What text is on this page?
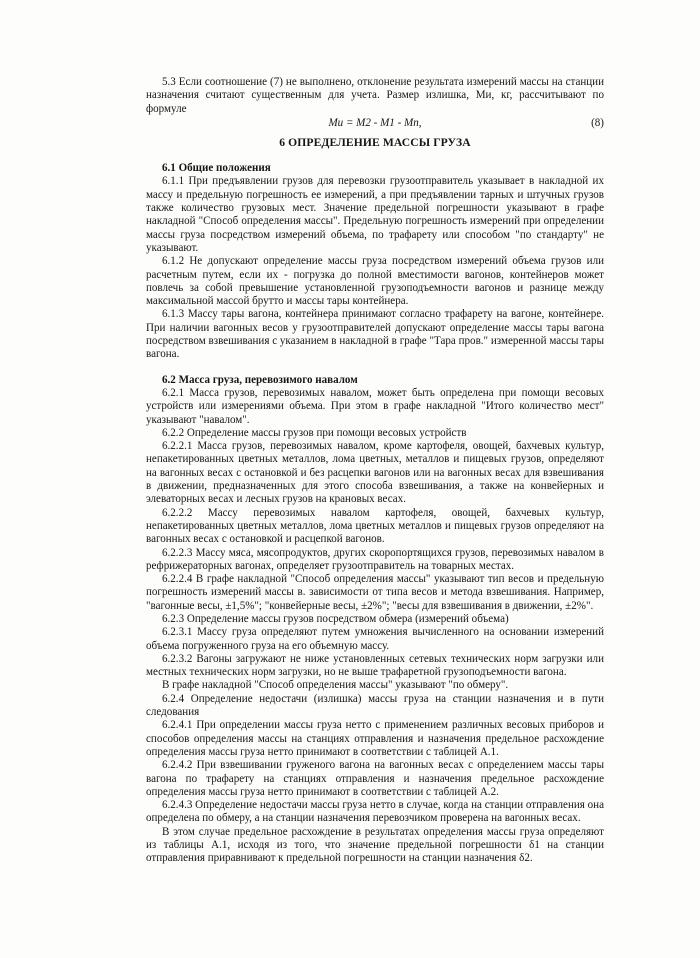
5.3 Если соотношение (7) не выполнено, отклонение результата измерений массы на станции назначения считают существенным для учета. Размер излишка, Mи, кг, рассчитывают по формуле

Mи = M2 - M1 - Mп,	(8)
6 ОПРЕДЕЛЕНИЕ МАССЫ ГРУЗА

6.1 Общие положения

6.1.1 При предъявлении грузов для перевозки грузоотправитель указывает в накладной их массу и предельную погрешность ее измерений, а при предъявлении тарных и штучных грузов также количество грузовых мест. Значение предельной погрешности указывают в графе накладной "Способ определения массы". Предельную погрешность измерений при определении массы груза посредством измерений объема, по трафарету или способом "по стандарту" не указывают.

6.1.2 Не допускают определение массы груза посредством измерений объема грузов или расчетным путем, если их - погрузка до полной вместимости вагонов, контейнеров может повлечь за собой превышение установленной грузоподъемности вагонов и разнице между максимальной массой брутто и массы тары контейнера.

6.1.3 Массу тары вагона, контейнера принимают согласно трафарету на вагоне, контейнере. При наличии вагонных весов у грузоотправителей допускают определение массы тары вагона посредством взвешивания с указанием в накладной в графе "Тара пров." измеренной массы тары вагона.

6.2 Масса груза, перевозимого навалом

6.2.1 Масса грузов, перевозимых навалом, может быть определена при помощи весовых устройств или измерениями объема. При этом в графе накладной "Итого количество мест" указывают "навалом".

6.2.2 Определение массы грузов при помощи весовых устройств

6.2.2.1 Масса грузов, перевозимых навалом, кроме картофеля, овощей, бахчевых культур, непакетированных цветных металлов, лома цветных, металлов и пищевых грузов, определяют на вагонных весах с остановкой и без расцепки вагонов или на вагонных весах для взвешивания в движении, предназначенных для этого способа взвешивания, а также на конвейерных и элеваторных весах и лесных грузов на крановых весах.

6.2.2.2 Массу перевозимых навалом картофеля, овощей, бахчевых культур, непакетированных цветных металлов, лома цветных металлов и пищевых грузов определяют на вагонных весах с остановкой и расцепкой вагонов.

6.2.2.3 Массу мяса, мясопродуктов, других скоропортящихся грузов, перевозимых навалом в рефрижераторных вагонах, определяет грузоотправитель на товарных местах.

6.2.2.4 В графе накладной "Способ определения массы" указывают тип весов и предельную погрешность измерений массы в. зависимости от типа весов и метода взвешивания. Например, "вагонные весы, ±1,5%"; "конвейерные весы, ±2%"; "весы для взвешивания в движении, ±2%".

6.2.3 Определение массы грузов посредством обмера (измерений объема)

6.2.3.1 Массу груза определяют путем умножения вычисленного на основании измерений объема погруженного груза на его объемную массу.

6.2.3.2 Вагоны загружают не ниже установленных сетевых технических норм загрузки или местных технических норм загрузки, но не выше трафаретной грузоподъемности вагона.

В графе накладной "Способ определения массы" указывают "по обмеру".

6.2.4 Определение недостачи (излишка) массы груза на станции назначения и в пути следования

6.2.4.1 При определении массы груза нетто с применением различных весовых приборов и способов определения массы на станциях отправления и назначения предельное расхождение определения массы груза нетто принимают в соответствии с таблицей А.1.

6.2.4.2 При взвешивании груженого вагона на вагонных весах с определением массы тары вагона по трафарету на станциях отправления и назначения предельное расхождение определения массы груза нетто принимают в соответствии с таблицей А.2.

6.2.4.3 Определение недостачи массы груза нетто в случае, когда на станции отправления она определена по обмеру, а на станции назначения перевозчиком проверена на вагонных весах.

В этом случае предельное расхождение в результатах определения массы груза определяют из таблицы А.1, исходя из того, что значение предельной погрешности δ1 на станции отправления приравнивают к предельной погрешности на станции назначения δ2.
